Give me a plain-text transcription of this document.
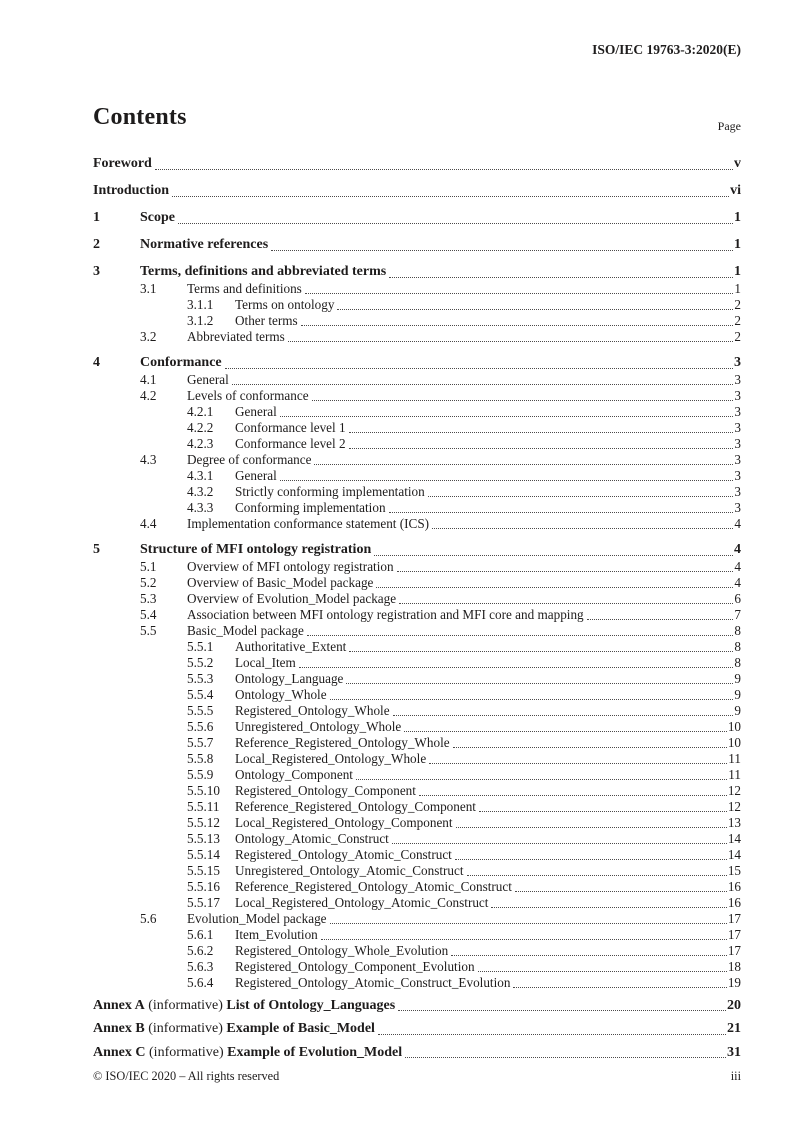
ISO/IEC 19763-3:2020(E)
Contents	Page
Foreword	v
Introduction	vi
1	Scope	1
2	Normative references	1
3	Terms, definitions and abbreviated terms	1
3.1	Terms and definitions	1
3.1.1	Terms on ontology	2
3.1.2	Other terms	2
3.2	Abbreviated terms	2
4	Conformance	3
4.1	General	3
4.2	Levels of conformance	3
4.2.1	General	3
4.2.2	Conformance level 1	3
4.2.3	Conformance level 2	3
4.3	Degree of conformance	3
4.3.1	General	3
4.3.2	Strictly conforming implementation	3
4.3.3	Conforming implementation	3
4.4	Implementation conformance statement (ICS)	4
5	Structure of MFI ontology registration	4
5.1	Overview of MFI ontology registration	4
5.2	Overview of Basic_Model package	4
5.3	Overview of Evolution_Model package	6
5.4	Association between MFI ontology registration and MFI core and mapping	7
5.5	Basic_Model package	8
5.5.1	Authoritative_Extent	8
5.5.2	Local_Item	8
5.5.3	Ontology_Language	9
5.5.4	Ontology_Whole	9
5.5.5	Registered_Ontology_Whole	9
5.5.6	Unregistered_Ontology_Whole	10
5.5.7	Reference_Registered_Ontology_Whole	10
5.5.8	Local_Registered_Ontology_Whole	11
5.5.9	Ontology_Component	11
5.5.10	Registered_Ontology_Component	12
5.5.11	Reference_Registered_Ontology_Component	12
5.5.12	Local_Registered_Ontology_Component	13
5.5.13	Ontology_Atomic_Construct	14
5.5.14	Registered_Ontology_Atomic_Construct	14
5.5.15	Unregistered_Ontology_Atomic_Construct	15
5.5.16	Reference_Registered_Ontology_Atomic_Construct	16
5.5.17	Local_Registered_Ontology_Atomic_Construct	16
5.6	Evolution_Model package	17
5.6.1	Item_Evolution	17
5.6.2	Registered_Ontology_Whole_Evolution	17
5.6.3	Registered_Ontology_Component_Evolution	18
5.6.4	Registered_Ontology_Atomic_Construct_Evolution	19
Annex A (informative) List of Ontology_Languages	20
Annex B (informative) Example of Basic_Model	21
Annex C (informative) Example of Evolution_Model	31
© ISO/IEC 2020 – All rights reserved	iii
